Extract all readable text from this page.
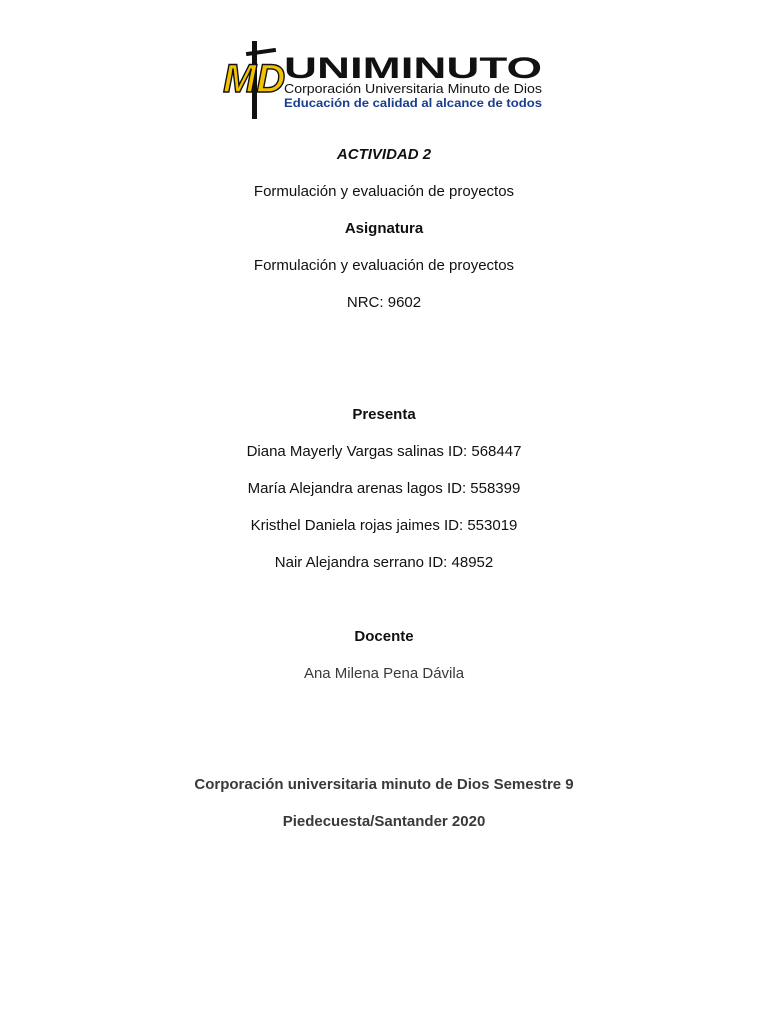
MD
UNIMINUTO
Corporación Universitaria Minuto de Dios
Educación de calidad al alcance de todos
ACTIVIDAD 2
Formulación y evaluación de proyectos
Asignatura
Formulación y evaluación de proyectos
NRC: 9602
Presenta
Diana Mayerly Vargas salinas ID: 568447
María Alejandra arenas lagos ID: 558399
Kristhel Daniela rojas jaimes ID: 553019
Nair Alejandra serrano ID: 48952
Docente
Ana Milena Pena Dávila
Corporación universitaria minuto de Dios Semestre 9
Piedecuesta/Santander 2020
